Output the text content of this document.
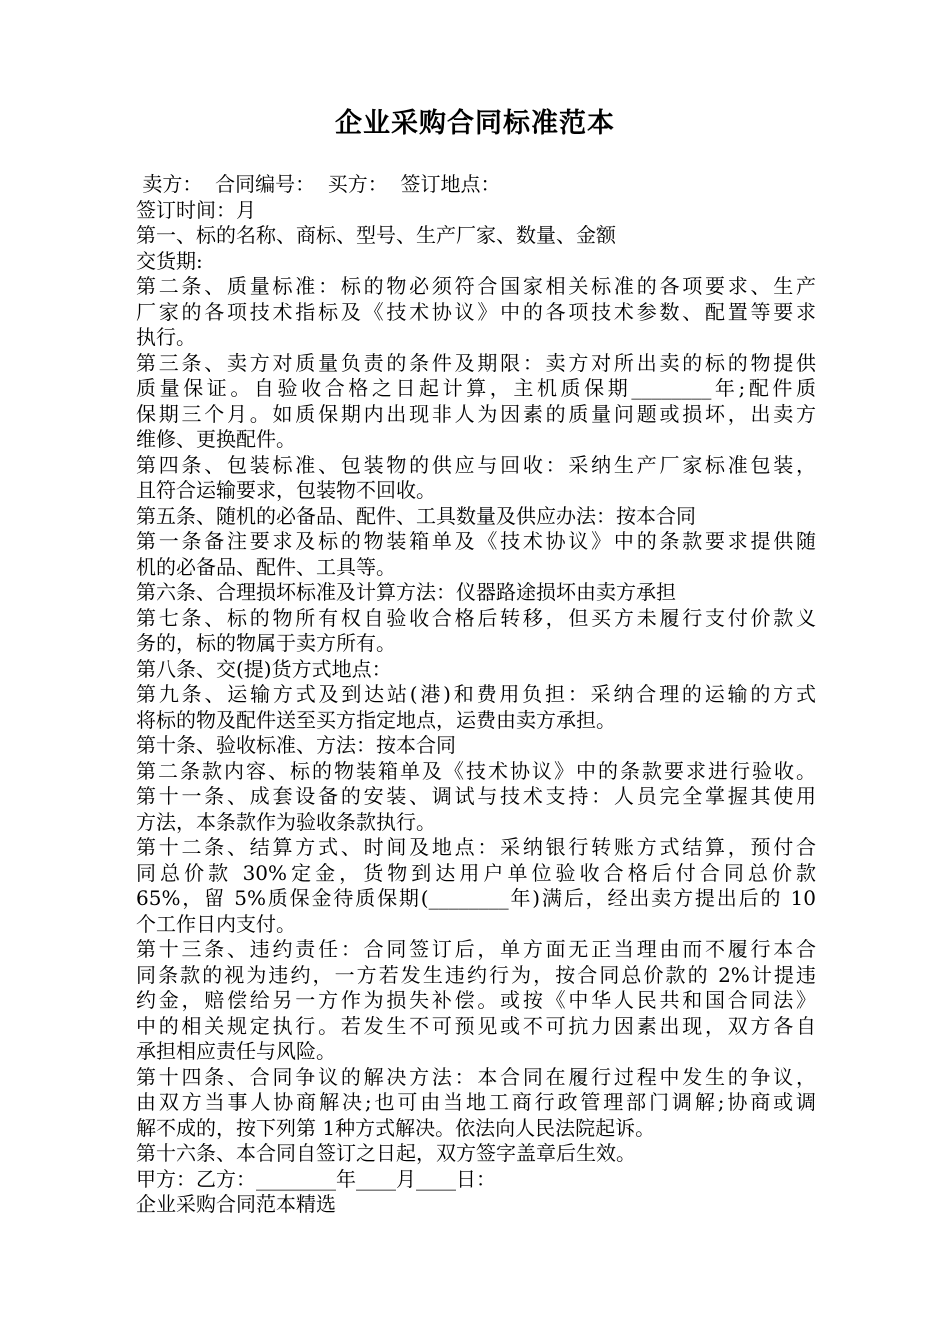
企业采购合同标准范本
卖方：  合同编号：  买方：  签订地点：
签订时间：月
第一、标的名称、商标、型号、生产厂家、数量、金额
交货期:
第二条、质量标准：标的物必须符合国家相关标准的各项要求、生产
厂家的各项技术指标及《技术协议》中的各项技术参数、配置等要求
执行。
第三条、卖方对质量负责的条件及期限：卖方对所出卖的标的物提供
质量保证。自验收合格之日起计算，主机质保期________年;配件质
保期三个月。如质保期内出现非人为因素的质量问题或损坏，出卖方
维修、更换配件。
第四条、包装标准、包装物的供应与回收：采纳生产厂家标准包装，
且符合运输要求，包装物不回收。
第五条、随机的必备品、配件、工具数量及供应办法：按本合同
第一条备注要求及标的物装箱单及《技术协议》中的条款要求提供随
机的必备品、配件、工具等。
第六条、合理损坏标准及计算方法：仪器路途损坏由卖方承担
第七条、标的物所有权自验收合格后转移，但买方未履行支付价款义
务的，标的物属于卖方所有。
第八条、交(提)货方式地点：
第九条、运输方式及到达站(港)和费用负担：采纳合理的运输的方式
将标的物及配件送至买方指定地点，运费由卖方承担。
第十条、验收标准、方法：按本合同
第二条款内容、标的物装箱单及《技术协议》中的条款要求进行验收。
第十一条、成套设备的安装、调试与技术支持：人员完全掌握其使用
方法，本条款作为验收条款执行。
第十二条、结算方式、时间及地点：采纳银行转账方式结算，预付合
同总价款 30%定金，货物到达用户单位验收合格后付合同总价款
65%，留 5%质保金待质保期(________年)满后，经出卖方提出后的 10
个工作日内支付。
第十三条、违约责任：合同签订后，单方面无正当理由而不履行本合
同条款的视为违约，一方若发生违约行为，按合同总价款的 2%计提违
约金，赔偿给另一方作为损失补偿。或按《中华人民共和国合同法》
中的相关规定执行。若发生不可预见或不可抗力因素出现，双方各自
承担相应责任与风险。
第十四条、合同争议的解决方法：本合同在履行过程中发生的争议，
由双方当事人协商解决;也可由当地工商行政管理部门调解;协商或调
解不成的，按下列第 1种方式解决。依法向人民法院起诉。
第十六条、本合同自签订之日起，双方签字盖章后生效。
甲方：乙方：________年____月____日：
企业采购合同范本精选
